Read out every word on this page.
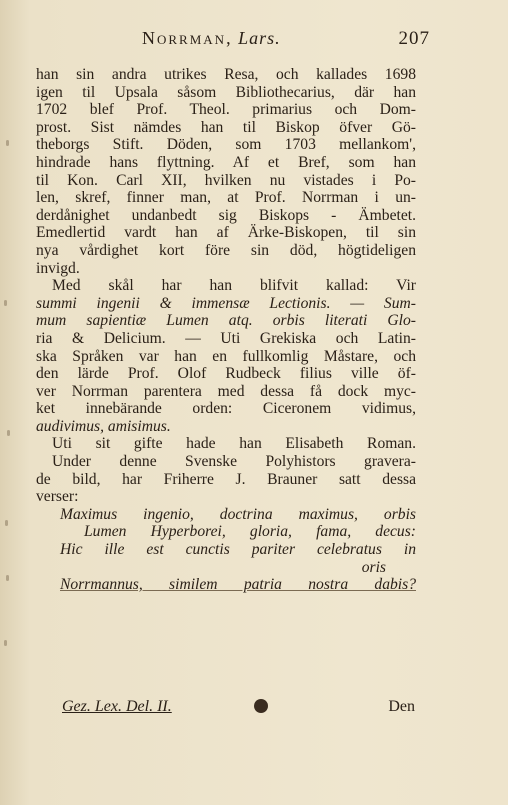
Norrman, Lars.	207
han sin andra utrikes Resa, och kallades 1698
igen til Upsala såsom Bibliothecarius, där han
1702 blef Prof. Theol. primarius och Dom-
prost. Sist nämdes han til Biskop öfver Gö-
theborgs Stift. Döden, som 1703 mellankom',
hindrade hans flyttning. Af et Bref, som han
til Kon. Carl XII, hvilken nu vistades i Po-
len, skref, finner man, at Prof. Norrman i un-
derdånighet undanbedt sig Biskops - Ämbetet.
Emedlertid vardt han af Ärke-Biskopen, til sin
nya vårdighet kort före sin död, högtideligen
invigd.
Med skål har han blifvit kallad: Vir
summi ingenii & immensæ Lectionis. — Sum-
mum sapientiæ Lumen atq. orbis literati Glo-
ria & Delicium. — Uti Grekiska och Latin-
ska Språken var han en fullkomlig Måstare, och
den lärde Prof. Olof Rudbeck filius ville öf-
ver Norrman parentera med dessa få dock myc-
ket innebärande orden: Ciceronem vidimus,
audivimus, amisimus.
Uti sit gifte hade han Elisabeth Roman.
Under denne Svenske Polyhistors gravera-
de bild, har Friherre J. Brauner satt dessa
verser:
Maximus ingenio, doctrina maximus, orbis
Lumen Hyperborei, gloria, fama, decus:
Hic ille est cunctis pariter celebratus in
oris
Norrmannus, similem patria nostra dabis?
Gez. Lex. Del. II.	Den
